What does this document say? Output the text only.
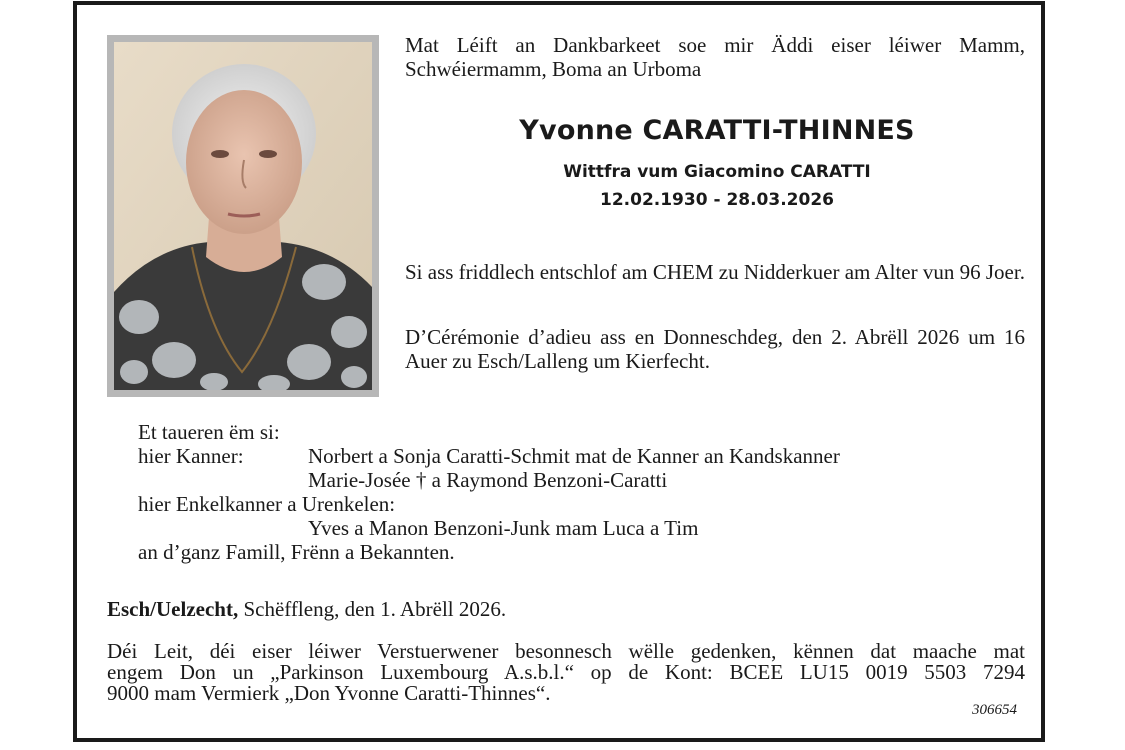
Mat Léift an Dankbarkeet soe mir Äddi eiser léiwer Mamm, Schwéiermamm, Boma an Urboma
Yvonne CARATTI-THINNES
Wittfra vum Giacomino CARATTI
12.02.1930 - 28.03.2026
Si ass friddlech entschlof am CHEM zu Nidderkuer am Alter vun 96 Joer.
D’Cérémonie d’adieu ass en Donneschdeg, den 2. Abrëll 2026 um 16 Auer zu Esch/Lalleng um Kierfecht.
Et taueren ëm si:
hier Kanner:	Norbert a Sonja Caratti-Schmit mat de Kanner an Kandskanner
Marie-Josée † a Raymond Benzoni-Caratti
hier Enkelkanner a Urenkelen:
Yves a Manon Benzoni-Junk mam Luca a Tim
an d’ganz Famill, Frënn a Bekannten.
Esch/Uelzecht, Schëffleng, den 1. Abrëll 2026.
Déi Leit, déi eiser léiwer Verstuerwener besonnesch wëlle gedenken, kënnen dat maache mat
engem Don un „Parkinson Luxembourg A.s.b.l.“ op de Kont: BCEE LU15 0019 5503 7294
9000 mam Vermierk „Don Yvonne Caratti-Thinnes“.
306654
